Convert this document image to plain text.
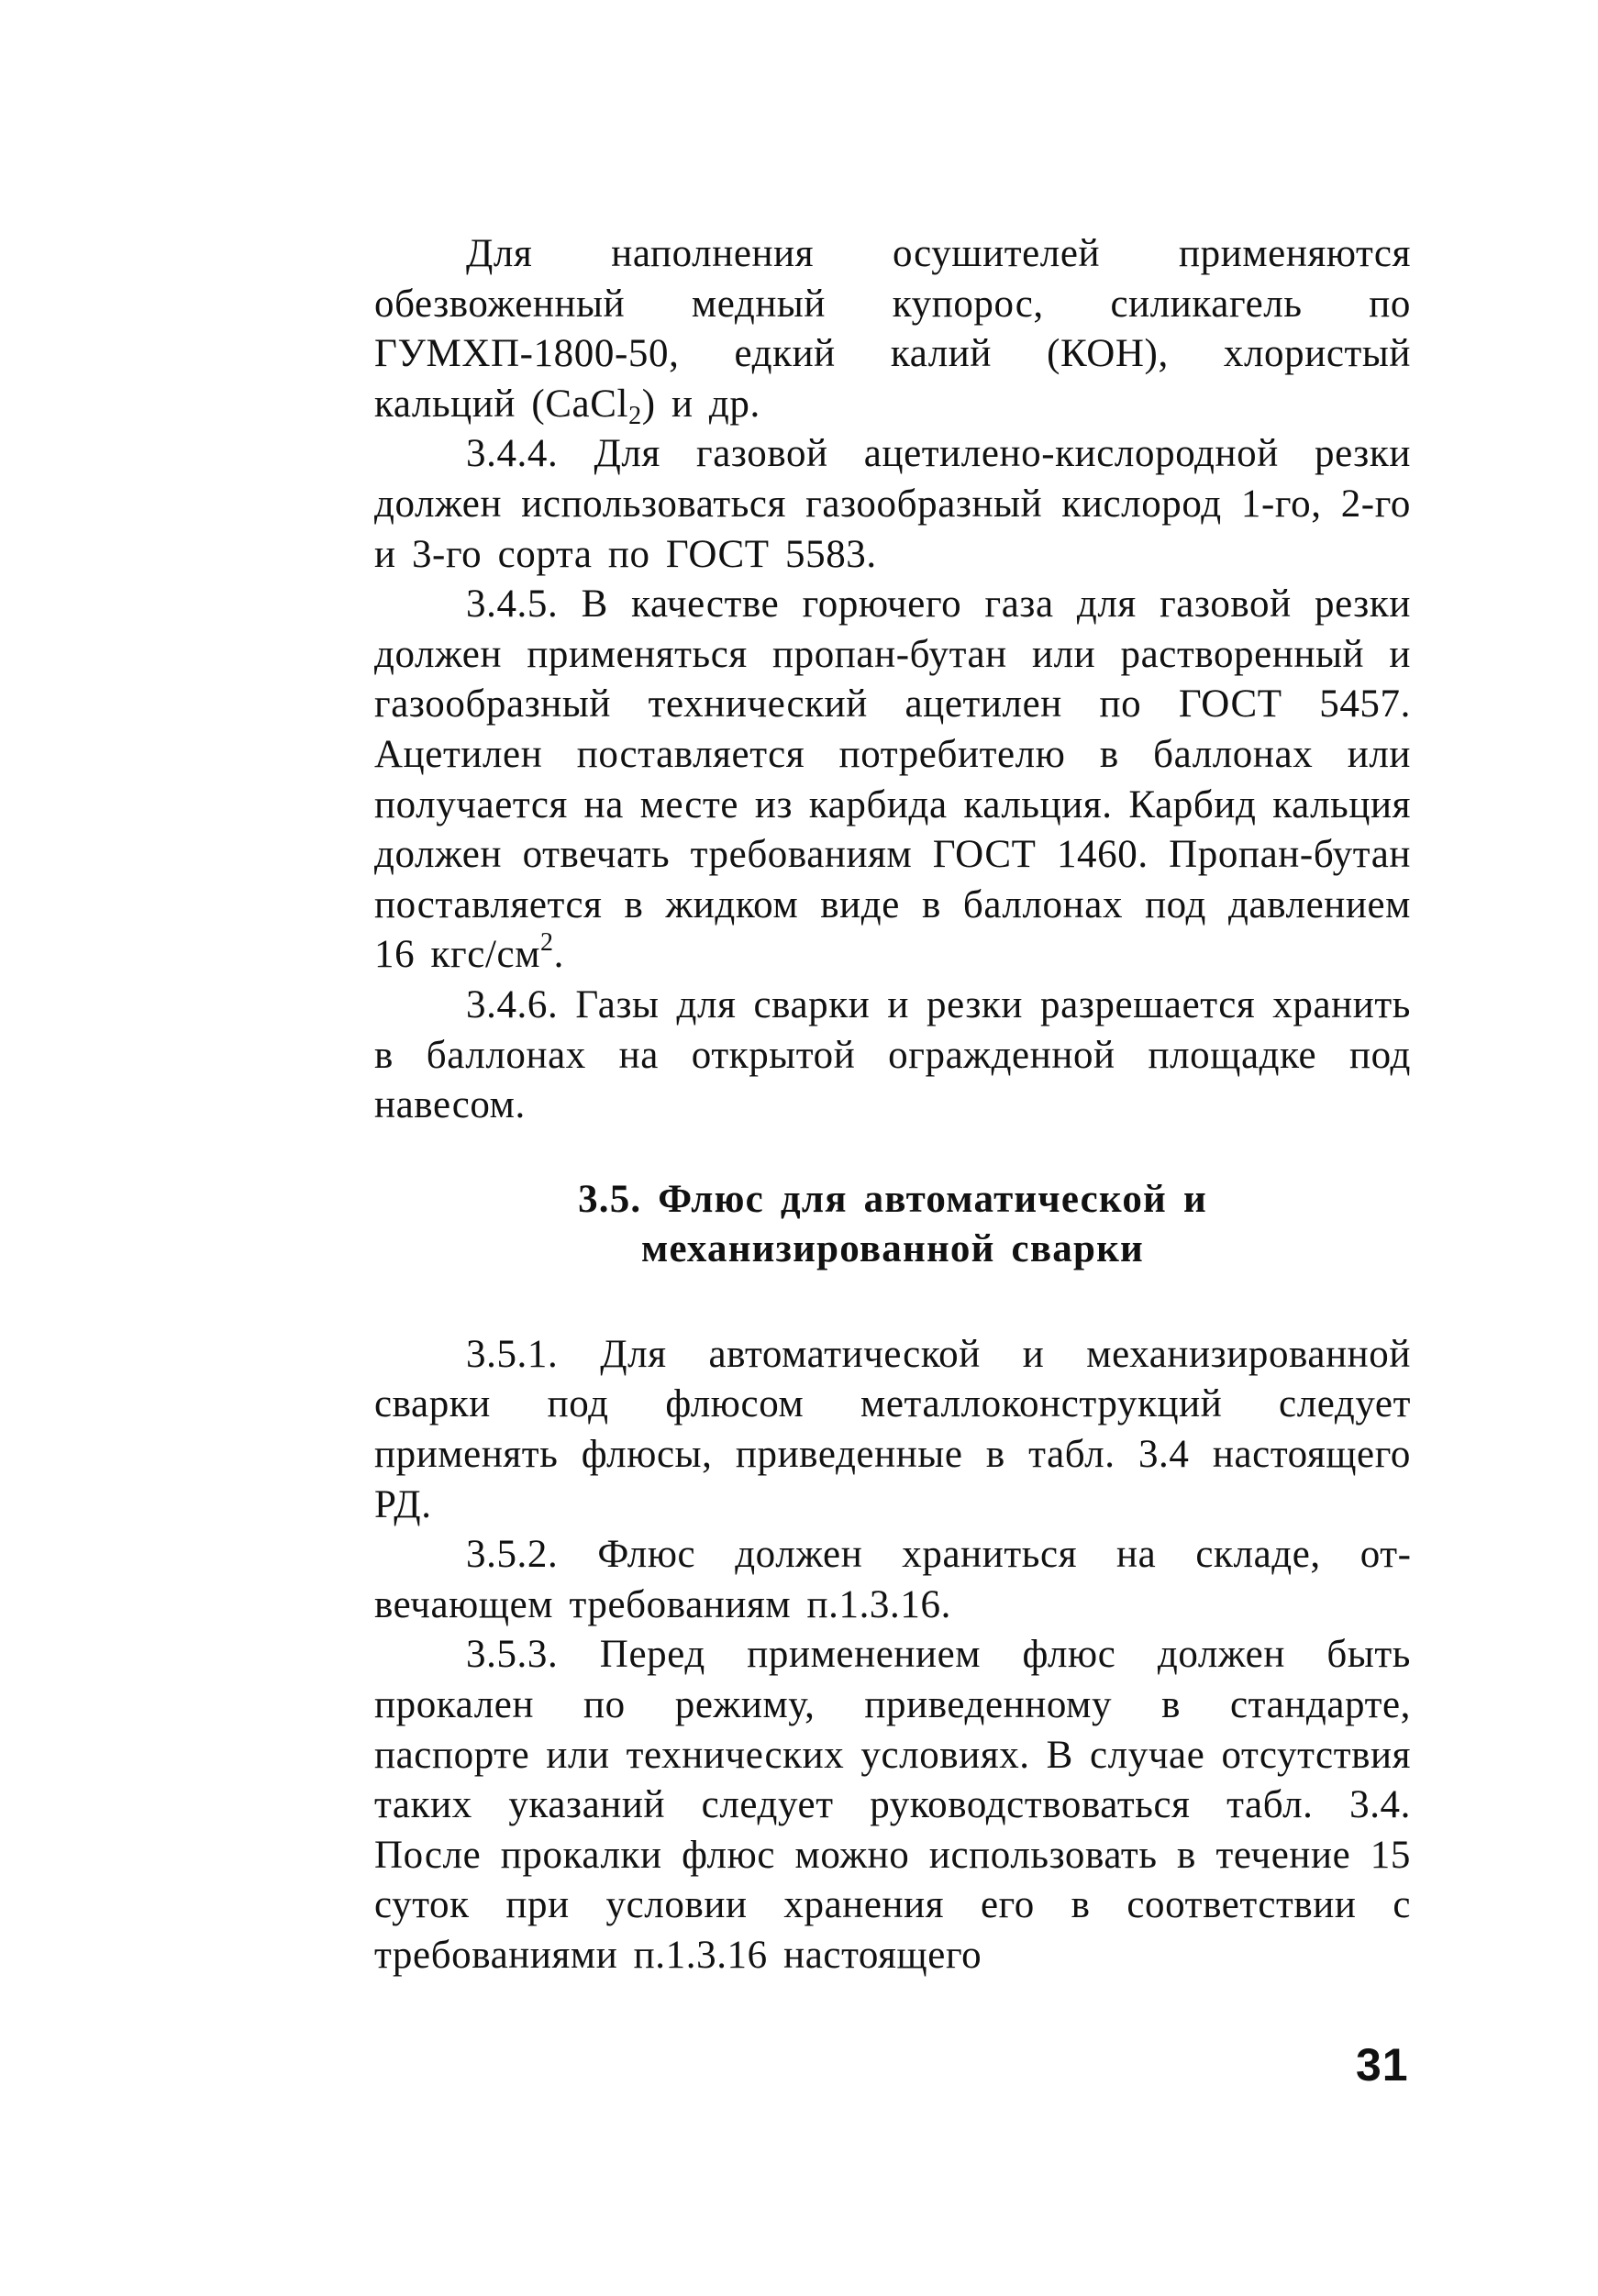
Для наполнения осушителей применяются обезвоженный медный купорос, силикагель по ГУМХП-1800-50, едкий калий (КОН), хлористый кальций (CaCl$_2$) и др.

3.4.4. Для газовой ацетилено-кислородной резки должен использоваться газообразный кислород 1-го, 2-го и 3-го сорта по ГОСТ 5583.

3.4.5. В качестве горючего газа для газовой резки должен применяться пропан-бутан или растворенный и газообразный технический ацетилен по ГОСТ 5457. Ацетилен поставляется потребителю в баллонах или получается на месте из карбида кальция. Карбид кальция должен отвечать требованиям ГОСТ 1460. Пропан-бутан поставляется в жидком виде в баллонах под давлением 16 кгс/$см^2$.

3.4.6. Газы для сварки и резки разрешается хранить в баллонах на открытой огражденной площадке под навесом.

3.5. Флюс для автоматической и
механизированной сварки

3.5.1. Для автоматической и механизированной сварки под флюсом металлоконструкций следует применять флюсы, приведенные в табл. 3.4 настоящего РД.

3.5.2. Флюс должен храниться на складе, отвечающем требованиям п.1.3.16.

3.5.3. Перед применением флюс должен быть прокален по режиму, приведенному в стандарте, паспорте или технических условиях. В случае отсутствия таких указаний следует руководствоваться табл. 3.4. После прокалки флюс можно использовать в течение 15 суток при условии хранения его в соответствии с требованиями п.1.3.16 настоящего

31
